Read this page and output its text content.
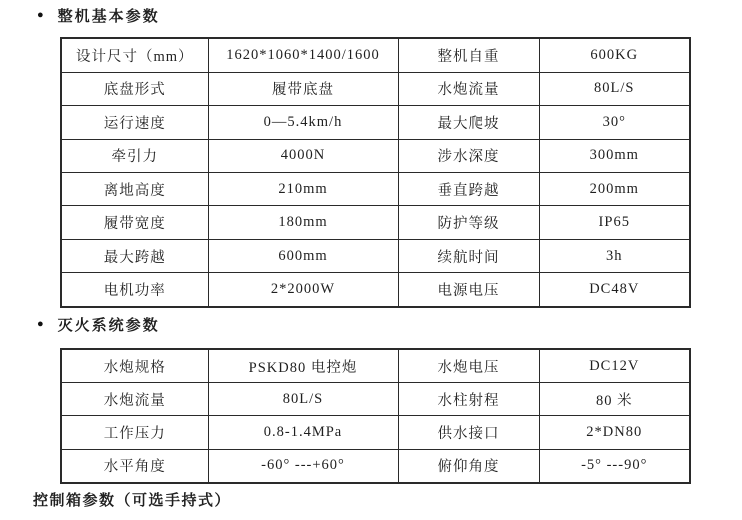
● 整机基本参数
设计尺寸（mm）	1620*1060*1400/1600	整机自重	600KG
底盘形式	履带底盘	水炮流量	80L/S
运行速度	0—5.4km/h	最大爬坡	30°
牵引力	4000N	涉水深度	300mm
离地高度	210mm	垂直跨越	200mm
履带宽度	180mm	防护等级	IP65
最大跨越	600mm	续航时间	3h
电机功率	2*2000W	电源电压	DC48V
● 灭火系统参数
水炮规格	PSKD80 电控炮	水炮电压	DC12V
水炮流量	80L/S	水柱射程	80 米
工作压力	0.8-1.4MPa	供水接口	2*DN80
水平角度	-60° ---+60°	俯仰角度	-5° ---90°
控制箱参数（可选手持式）
